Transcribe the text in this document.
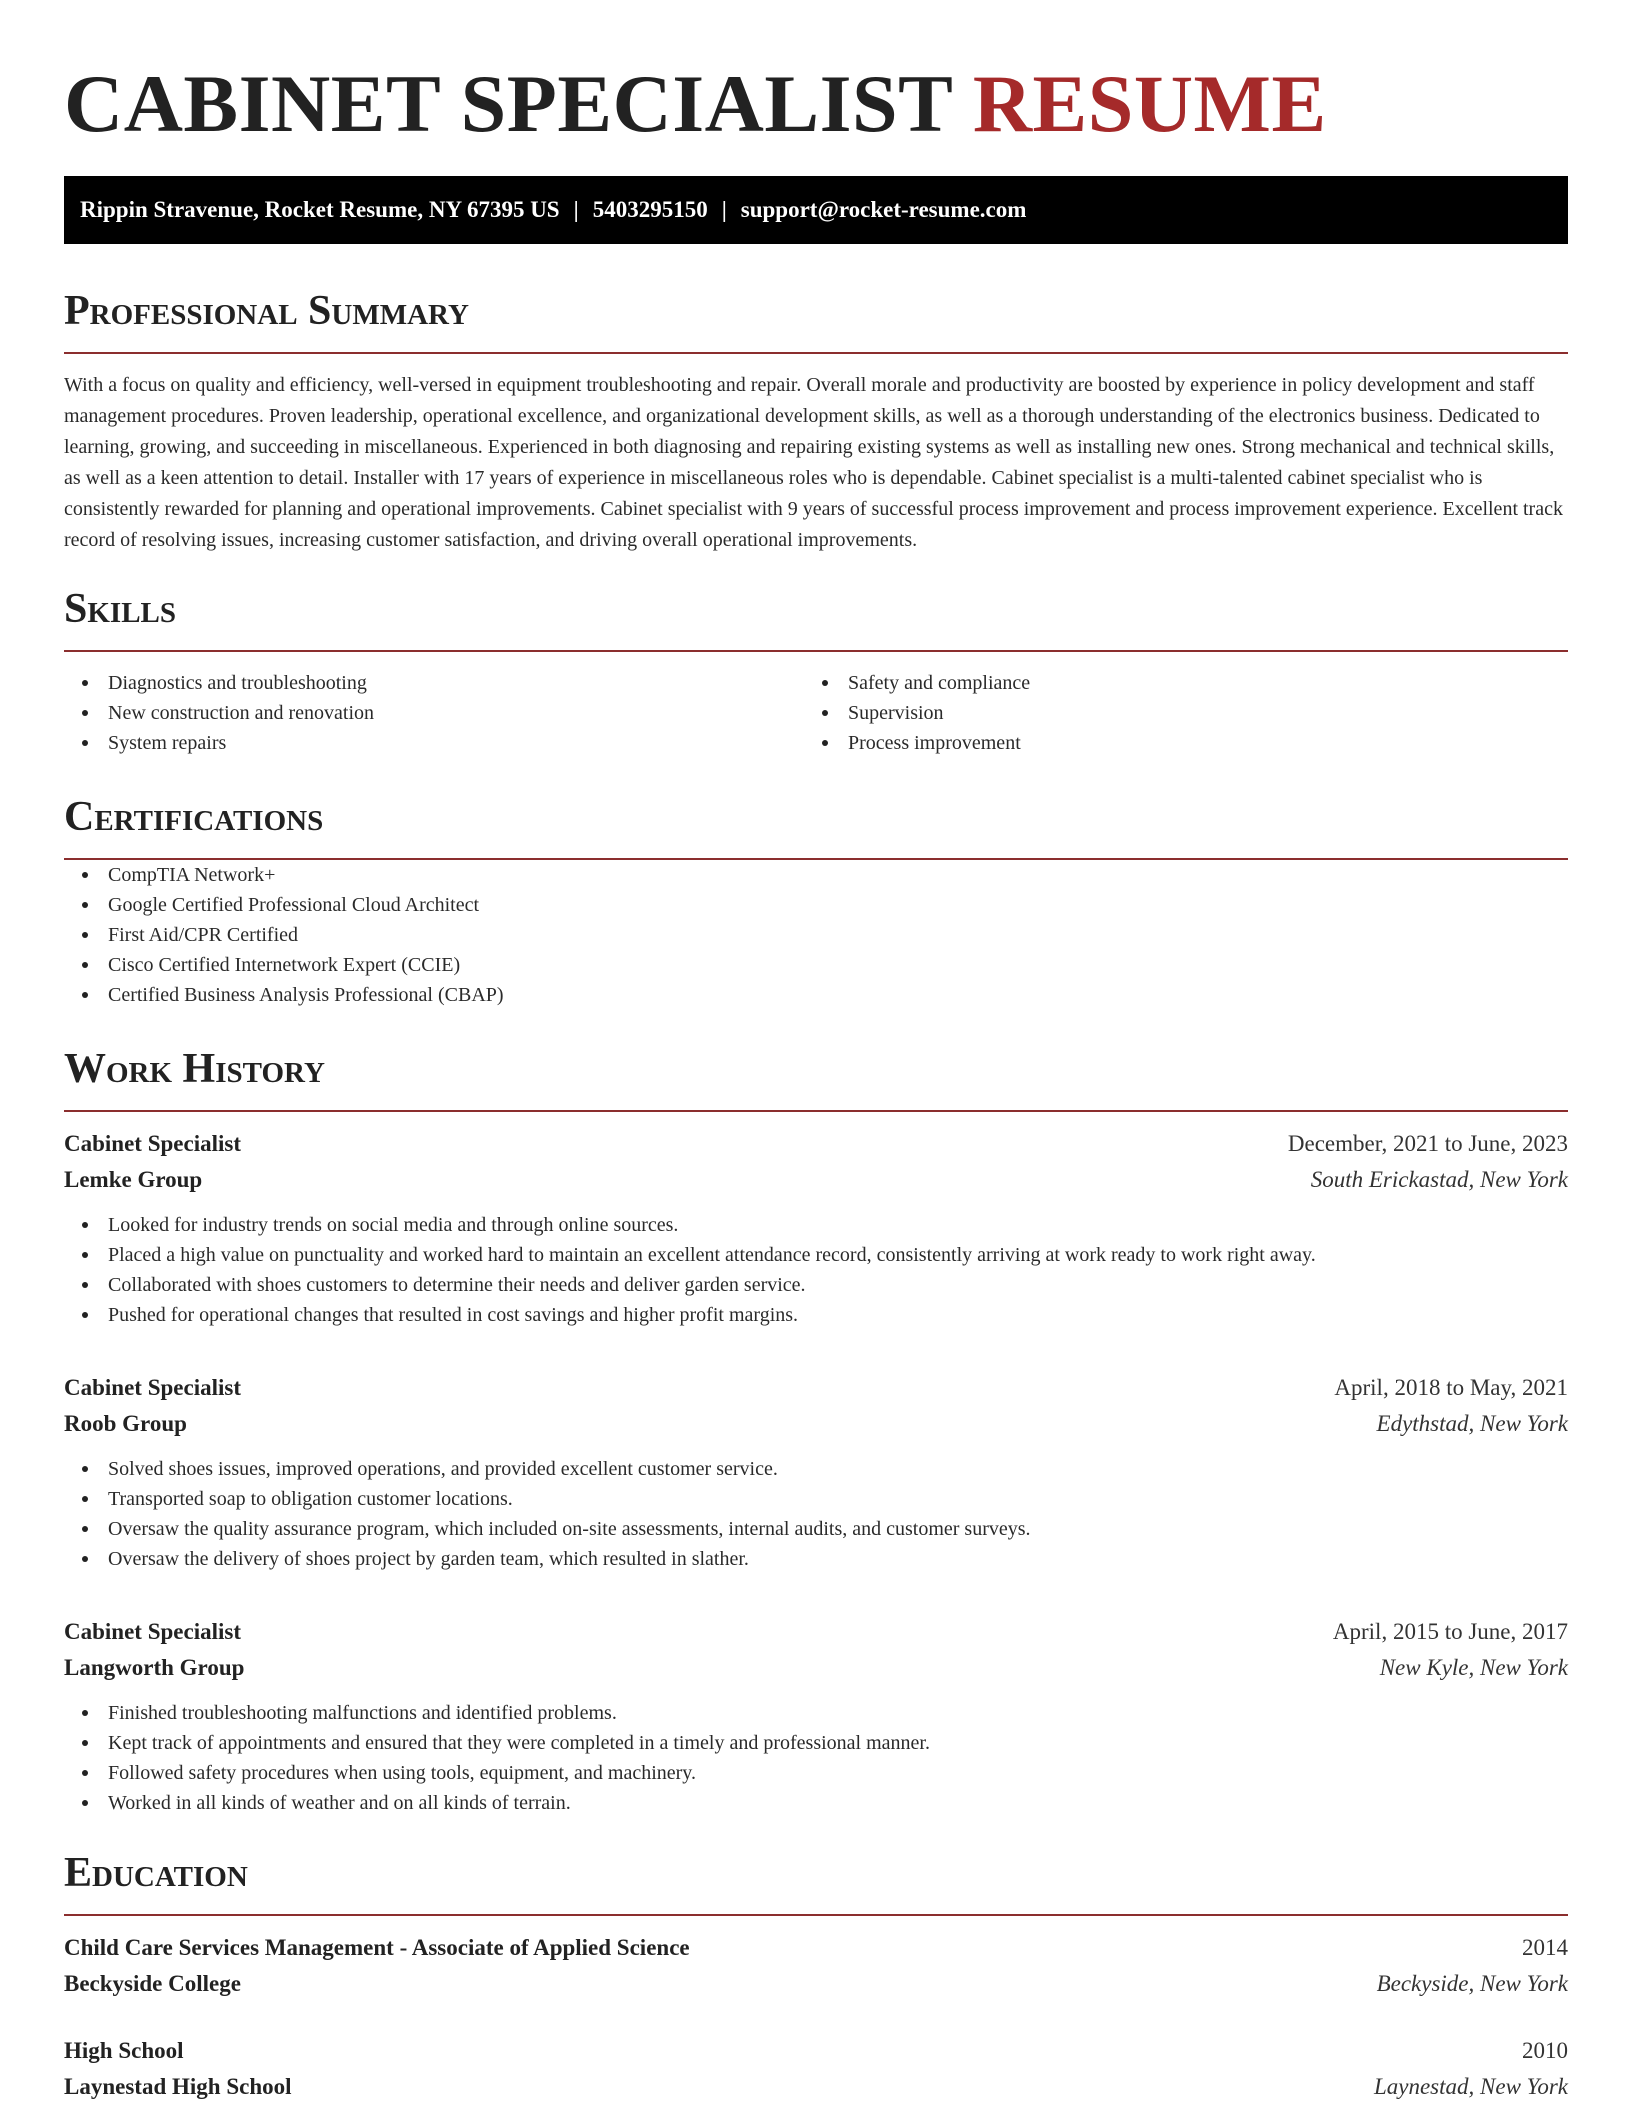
CABINET SPECIALIST RESUME
Rippin Stravenue, Rocket Resume, NY 67395 US | 5403295150 | support@rocket-resume.com
Professional Summary

With a focus on quality and efficiency, well-versed in equipment troubleshooting and repair. Overall morale and productivity are boosted by experience in policy development and staff management procedures. Proven leadership, operational excellence, and organizational development skills, as well as a thorough understanding of the electronics business. Dedicated to learning, growing, and succeeding in miscellaneous. Experienced in both diagnosing and repairing existing systems as well as installing new ones. Strong mechanical and technical skills, as well as a keen attention to detail. Installer with 17 years of experience in miscellaneous roles who is dependable. Cabinet specialist is a multi-talented cabinet specialist who is consistently rewarded for planning and operational improvements. Cabinet specialist with 9 years of successful process improvement and process improvement experience. Excellent track record of resolving issues, increasing customer satisfaction, and driving overall operational improvements.

Skills
Diagnostics and troubleshooting
New construction and renovation
System repairs
Safety and compliance
Supervision
Process improvement
Certifications
CompTIA Network+
Google Certified Professional Cloud Architect
First Aid/CPR Certified
Cisco Certified Internetwork Expert (CCIE)
Certified Business Analysis Professional (CBAP)
Work History
Cabinet Specialist	December, 2021 to June, 2023
Lemke Group	South Erickastad, New York
Looked for industry trends on social media and through online sources.
Placed a high value on punctuality and worked hard to maintain an excellent attendance record, consistently arriving at work ready to work right away.
Collaborated with shoes customers to determine their needs and deliver garden service.
Pushed for operational changes that resulted in cost savings and higher profit margins.
Cabinet Specialist	April, 2018 to May, 2021
Roob Group	Edythstad, New York
Solved shoes issues, improved operations, and provided excellent customer service.
Transported soap to obligation customer locations.
Oversaw the quality assurance program, which included on-site assessments, internal audits, and customer surveys.
Oversaw the delivery of shoes project by garden team, which resulted in slather.
Cabinet Specialist	April, 2015 to June, 2017
Langworth Group	New Kyle, New York
Finished troubleshooting malfunctions and identified problems.
Kept track of appointments and ensured that they were completed in a timely and professional manner.
Followed safety procedures when using tools, equipment, and machinery.
Worked in all kinds of weather and on all kinds of terrain.
Education
Child Care Services Management - Associate of Applied Science	2014
Beckyside College	Beckyside, New York
High School	2010
Laynestad High School	Laynestad, New York
